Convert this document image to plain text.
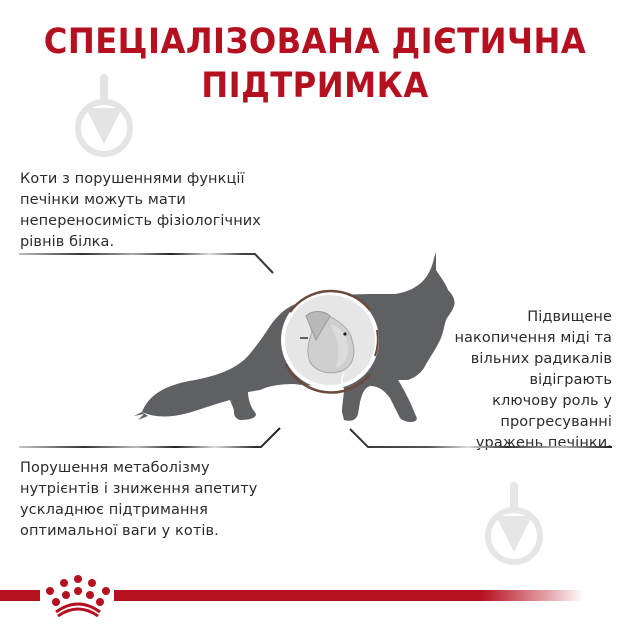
СПЕЦІАЛІЗОВАНА ДІЄТИЧНА
ПІДТРИМКА
Коти з порушеннями функції
печінки можуть мати
непереносимість фізіологічних
рівнів білка.
Підвищене
накопичення міді та
вільних радикалів
відіграють
ключову роль у
прогресуванні
уражень печінки.
Порушення метаболізму
нутрієнтів і зниження апетиту
ускладнює підтримання
оптимальної ваги у котів.
